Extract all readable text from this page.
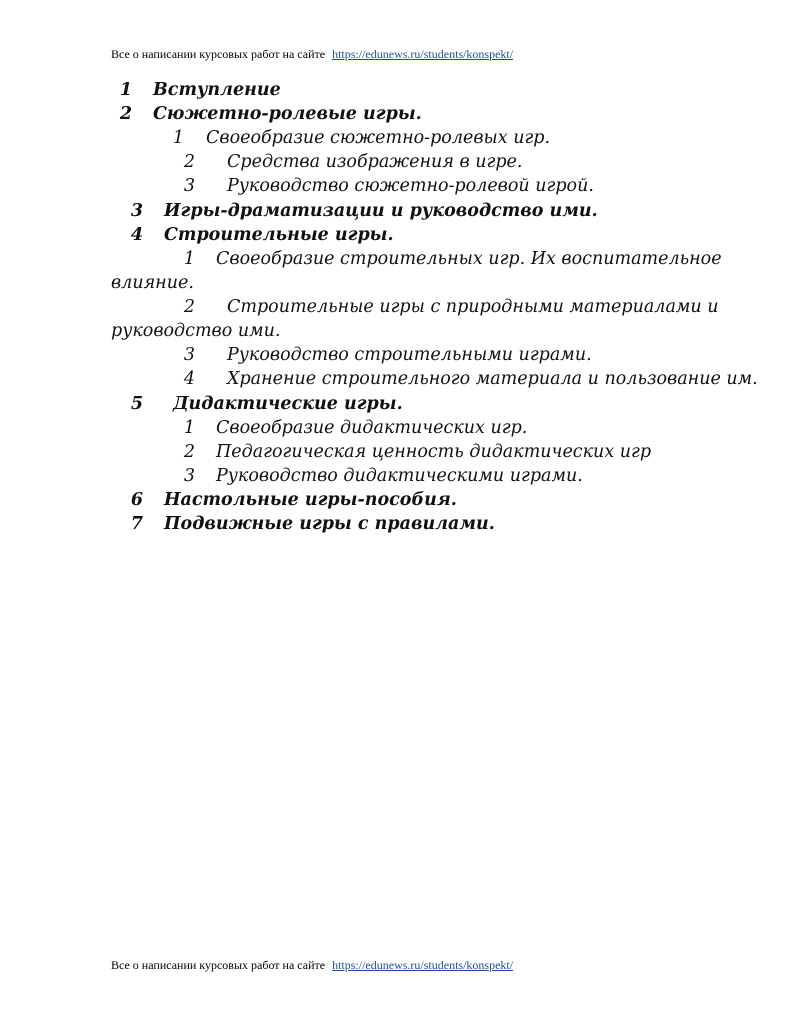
Все о написании курсовых работ на сайте https://edunews.ru/students/konspekt/
1 Вступление
2 Сюжетно-ролевые игры.
1 Своеобразие сюжетно-ролевых игр.
2 Средства изображения в игре.
3 Руководство сюжетно-ролевой игрой.
3 Игры-драматизации и руководство ими.
4 Строительные игры.
1 Своеобразие строительных игр. Их воспитательное
влияние.
2 Строительные игры с природными материалами и
руководство ими.
3 Руководство строительными играми.
4 Хранение строительного материала и пользование им.
5 Дидактические игры.
1 Своеобразие дидактических игр.
2 Педагогическая ценность дидактических игр
3 Руководство дидактическими играми.
6 Настольные игры-пособия.
7 Подвижные игры с правилами.
Все о написании курсовых работ на сайте https://edunews.ru/students/konspekt/
